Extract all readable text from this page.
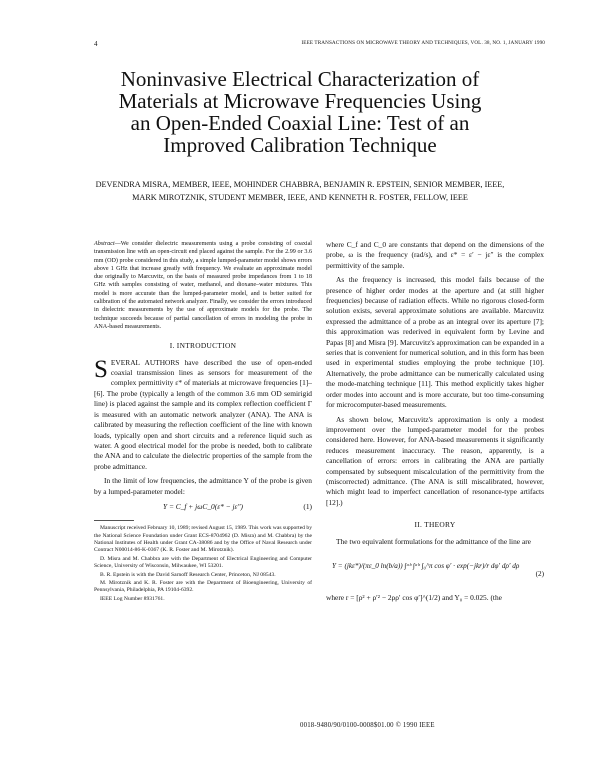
4	IEEE TRANSACTIONS ON MICROWAVE THEORY AND TECHNIQUES, VOL. 38, NO. 1, JANUARY 1990
Noninvasive Electrical Characterization of
Materials at Microwave Frequencies Using
an Open-Ended Coaxial Line: Test of an
Improved Calibration Technique
DEVENDRA MISRA, MEMBER, IEEE, MOHINDER CHABBRA, BENJAMIN R. EPSTEIN, SENIOR MEMBER, IEEE,
MARK MIROTZNIK, STUDENT MEMBER, IEEE, AND KENNETH R. FOSTER, FELLOW, IEEE

Abstract—We consider dielectric measurements using a probe consisting of coaxial transmission line with an open-circuit end placed against the sample. For the 2.99 or 3.6 mm (OD) probe considered in this study, a simple lumped-parameter model shows errors above 1 GHz that increase greatly with frequency. We evaluate an approximate model due originally to Marcuvitz, on the basis of measured probe impedances from 1 to 18 GHz with samples consisting of water, methanol, and dioxane–water mixtures. This model is more accurate than the lumped-parameter model, and is better suited for calibration of the automated network analyzer. Finally, we consider the errors introduced in dielectric measurements by the use of approximate models for the probe. The technique succeeds because of partial cancellation of errors in modeling the probe in ANA-based measurements.

I. INTRODUCTION

SEVERAL AUTHORS have described the use of open-ended coaxial transmission lines as sensors for measurement of the complex permittivity ε* of materials at microwave frequencies [1]–[6]. The probe (typically a length of the common 3.6 mm OD semirigid line) is placed against the sample and its complex reflection coefficient Γ is measured with an automatic network analyzer (ANA). The ANA is calibrated by measuring the reflection coefficient of the line with known loads, typically open and short circuits and a reference liquid such as water. A good electrical model for the probe is needed, both to calibrate the ANA and to calculate the dielectric properties of the sample from the probe admittance.

In the limit of low frequencies, the admittance Y of the probe is given by a lumped-parameter model:

Y = C_f + jωC_0(ε* − jε″)	(1)

Manuscript received February 10, 1989; revised August 15, 1989. This work was supported by the National Science Foundation under Grant ECS-8704962 (D. Misra) and M. Chabbra) by the National Institutes of Health under Grant CA-38086 and by the Office of Naval Research under Contract N00014-86-K-0367 (K. R. Foster and M. Mirotznik).

D. Misra and M. Chabbra are with the Department of Electrical Engineering and Computer Science, University of Wisconsin, Milwaukee, WI 53201.

B. R. Epstein is with the David Sarnoff Research Center, Princeton, NJ 08543.

M. Mirotznik and K. R. Foster are with the Department of Bioengineering, University of Pennsylvania, Philadelphia, PA 19104-6392.

IEEE Log Number 8931761.

where C_f and C_0 are constants that depend on the dimensions of the probe, ω is the frequency (rad/s), and ε* = ε′ − jε″ is the complex permittivity of the sample.

As the frequency is increased, this model fails because of the presence of higher order modes at the aperture and (at still higher frequencies) because of radiation effects. While no rigorous closed-form solution exists, several approximate solutions are available. Marcuvitz expressed the admittance of a probe as an integral over its aperture [7]; this approximation was rederived in equivalent form by Levine and Papas [8] and Misra [9]. Marcuvitz's approximation can be expanded in a series that is convenient for numerical solution, and in this form has been used in experimental studies employing the probe technique [10]. Alternatively, the probe admittance can be numerically calculated using the mode-matching technique [11]. This method explicitly takes higher order modes into account and is more accurate, but too time-consuming for microcomputer-based measurements.

As shown below, Marcuvitz's approximation is only a modest improvement over the lumped-parameter model for the probes considered here. However, for ANA-based measurements it significantly reduces measurement inaccuracy. The reason, apparently, is a cancellation of errors: errors in calibrating the ANA are partially compensated by subsequent miscalculation of the permittivity from the (miscorrected) admittance. (The ANA is still miscalibrated, however, which might lead to imperfect cancellation of resonance-type artifacts [12].)

II. THEORY

The two equivalent formulations for the admittance of the line are

Y = (jkε*)/(πε_0 ln(b/a)) ∫ᵃᵇ ∫ᵃᵇ ∫₀^π cos φ′ · exp(−jkr)/r dφ′ dρ′ dρ
(2)

where r = [ρ² + ρ′² − 2ρρ′ cos φ′]^(1/2) and Y₀ = 0.025. (the

0018-9480/90/0100-0008$01.00 © 1990 IEEE
